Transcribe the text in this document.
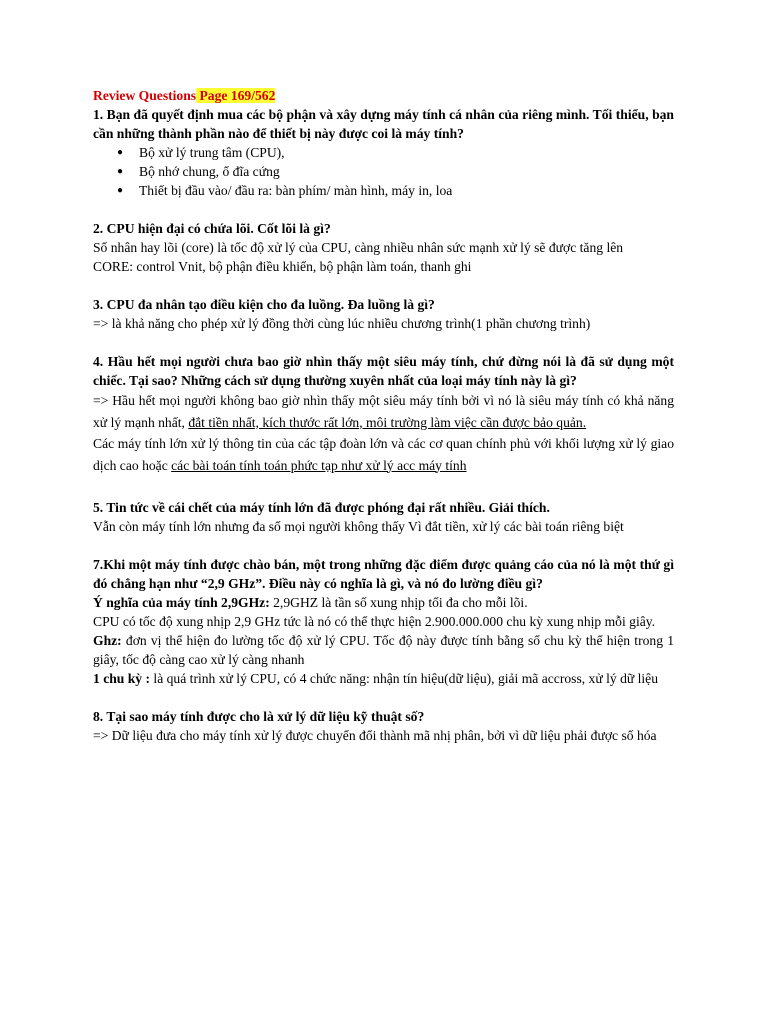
Review Questions Page 169/562

1. Bạn đã quyết định mua các bộ phận và xây dựng máy tính cá nhân của riêng mình. Tối thiểu, bạn cần những thành phần nào để thiết bị này được coi là máy tính?

● Bộ xử lý trung tâm (CPU),
● Bộ nhớ chung, ổ đĩa cứng
● Thiết bị đầu vào/ đầu ra: bàn phím/ màn hình, máy in, loa

2. CPU hiện đại có chứa lõi. Cốt lõi là gì?

Số nhân hay lõi (core) là tốc độ xử lý của CPU, càng nhiều nhân sức mạnh xử lý sẽ được tăng lên

CORE: control Vnit, bộ phận điều khiển, bộ phận làm toán, thanh ghi

3. CPU đa nhân tạo điều kiện cho đa luồng. Đa luồng là gì?

=> là khả năng cho phép xử lý đồng thời cùng lúc nhiều chương trình(1 phần chương trình)

4. Hầu hết mọi người chưa bao giờ nhìn thấy một siêu máy tính, chứ đừng nói là đã sử dụng một chiếc. Tại sao? Những cách sử dụng thường xuyên nhất của loại máy tính này là gì?

=> Hầu hết mọi người không bao giờ nhìn thấy một siêu máy tính bởi vì nó là siêu máy tính có khả năng xử lý mạnh nhất, đắt tiền nhất, kích thước rất lớn, môi trường làm việc cần được bảo quản.

Các máy tính lớn xử lý thông tin của các tập đoàn lớn và các cơ quan chính phủ với khối lượng xử lý giao dịch cao hoặc các bài toán tính toán phức tạp như xử lý acc máy tính

5. Tin tức về cái chết của máy tính lớn đã được phóng đại rất nhiều. Giải thích.

Vẫn còn máy tính lớn nhưng đa số mọi người không thấy Vì đắt tiền, xử lý các bài toán riêng biệt

7.Khi một máy tính được chào bán, một trong những đặc điểm được quảng cáo của nó là một thứ gì đó chẳng hạn như “2,9 GHz”. Điều này có nghĩa là gì, và nó đo lường điều gì?

Ý nghĩa của máy tính 2,9GHz: 2,9GHZ là tần số xung nhịp tối đa cho mỗi lõi.

CPU có tốc độ xung nhịp 2,9 GHz tức là nó có thể thực hiện 2.900.000.000 chu kỳ xung nhịp mỗi giây.

Ghz: đơn vị thể hiện đo lường tốc độ xử lý CPU. Tốc độ này được tính bằng số chu kỳ thể hiện trong 1 giây, tốc độ càng cao xử lý càng nhanh

1 chu kỳ : là quá trình xử lý CPU, có 4 chức năng: nhận tín hiệu(dữ liệu), giải mã accross, xử lý dữ liệu

8. Tại sao máy tính được cho là xử lý dữ liệu kỹ thuật số?

=> Dữ liệu đưa cho máy tính xử lý được chuyển đổi thành mã nhị phân, bởi vì dữ liệu phải được số hóa
